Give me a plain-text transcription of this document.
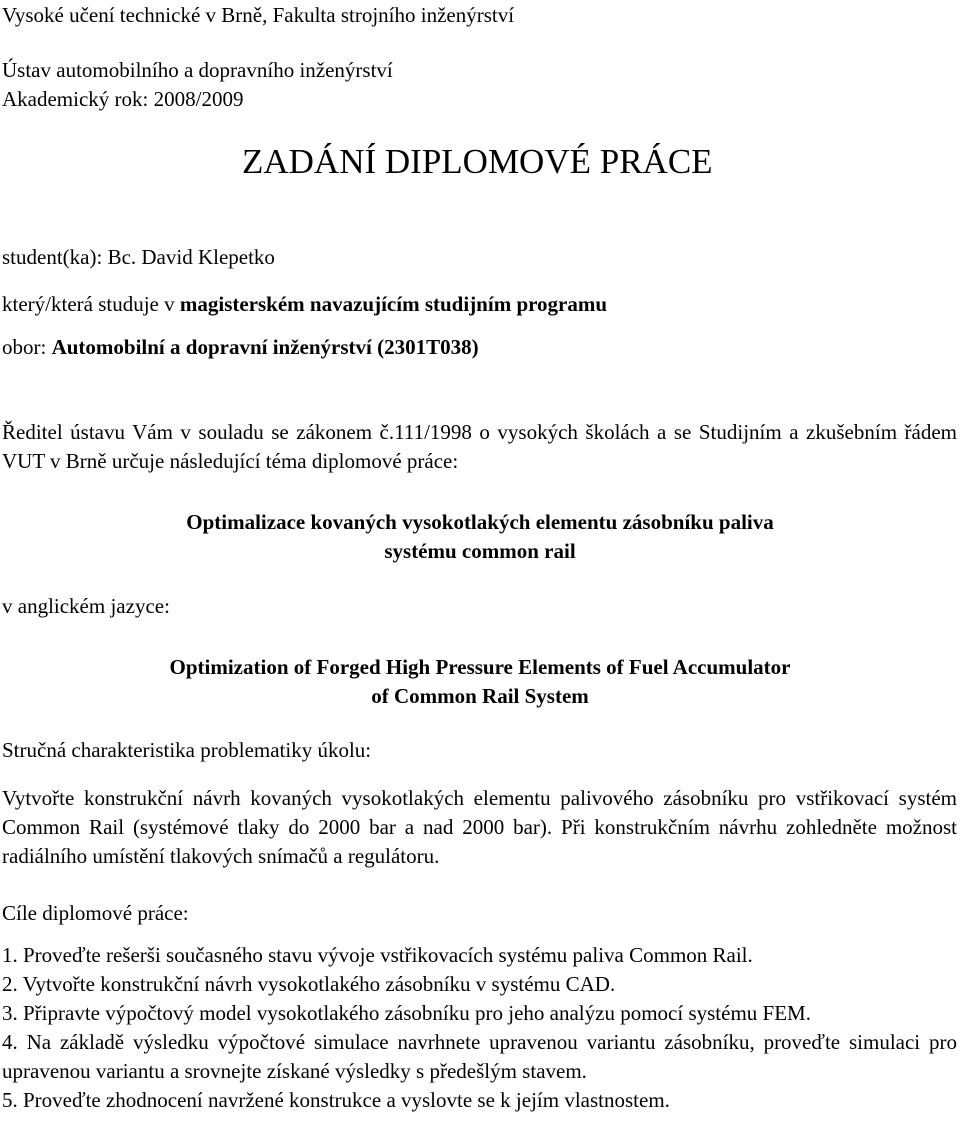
Vysoké učení technické v Brně, Fakulta strojního inženýrství
Ústav automobilního a dopravního inženýrství
Akademický rok: 2008/2009
ZADÁNÍ DIPLOMOVÉ PRÁCE
student(ka): Bc. David Klepetko
který/která studuje v magisterském navazujícím studijním programu
obor: Automobilní a dopravní inženýrství (2301T038)
Ředitel ústavu Vám v souladu se zákonem č.111/1998 o vysokých školách a se Studijním a zkušebním řádem VUT v Brně určuje následující téma diplomové práce:
Optimalizace kovaných vysokotlakých elementu zásobníku paliva
systému common rail
v anglickém jazyce:
Optimization of Forged High Pressure Elements of Fuel Accumulator
of Common Rail System
Stručná charakteristika problematiky úkolu:
Vytvořte konstrukční návrh kovaných vysokotlakých elementu palivového zásobníku pro vstřikovací systém Common Rail (systémové tlaky do 2000 bar a nad 2000 bar). Při konstrukčním návrhu zohledněte možnost radiálního umístění tlakových snímačů a regulátoru.
Cíle diplomové práce:
1. Proveďte rešerši současného stavu vývoje vstřikovacích systému paliva Common Rail.
2. Vytvořte konstrukční návrh vysokotlakého zásobníku v systému CAD.
3. Připravte výpočtový model vysokotlakého zásobníku pro jeho analýzu pomocí systému FEM.
4. Na základě výsledku výpočtové simulace navrhnete upravenou variantu zásobníku, proveďte simulaci pro upravenou variantu a srovnejte získané výsledky s předešlým stavem.
5. Proveďte zhodnocení navržené konstrukce a vyslovte se k jejím vlastnostem.
